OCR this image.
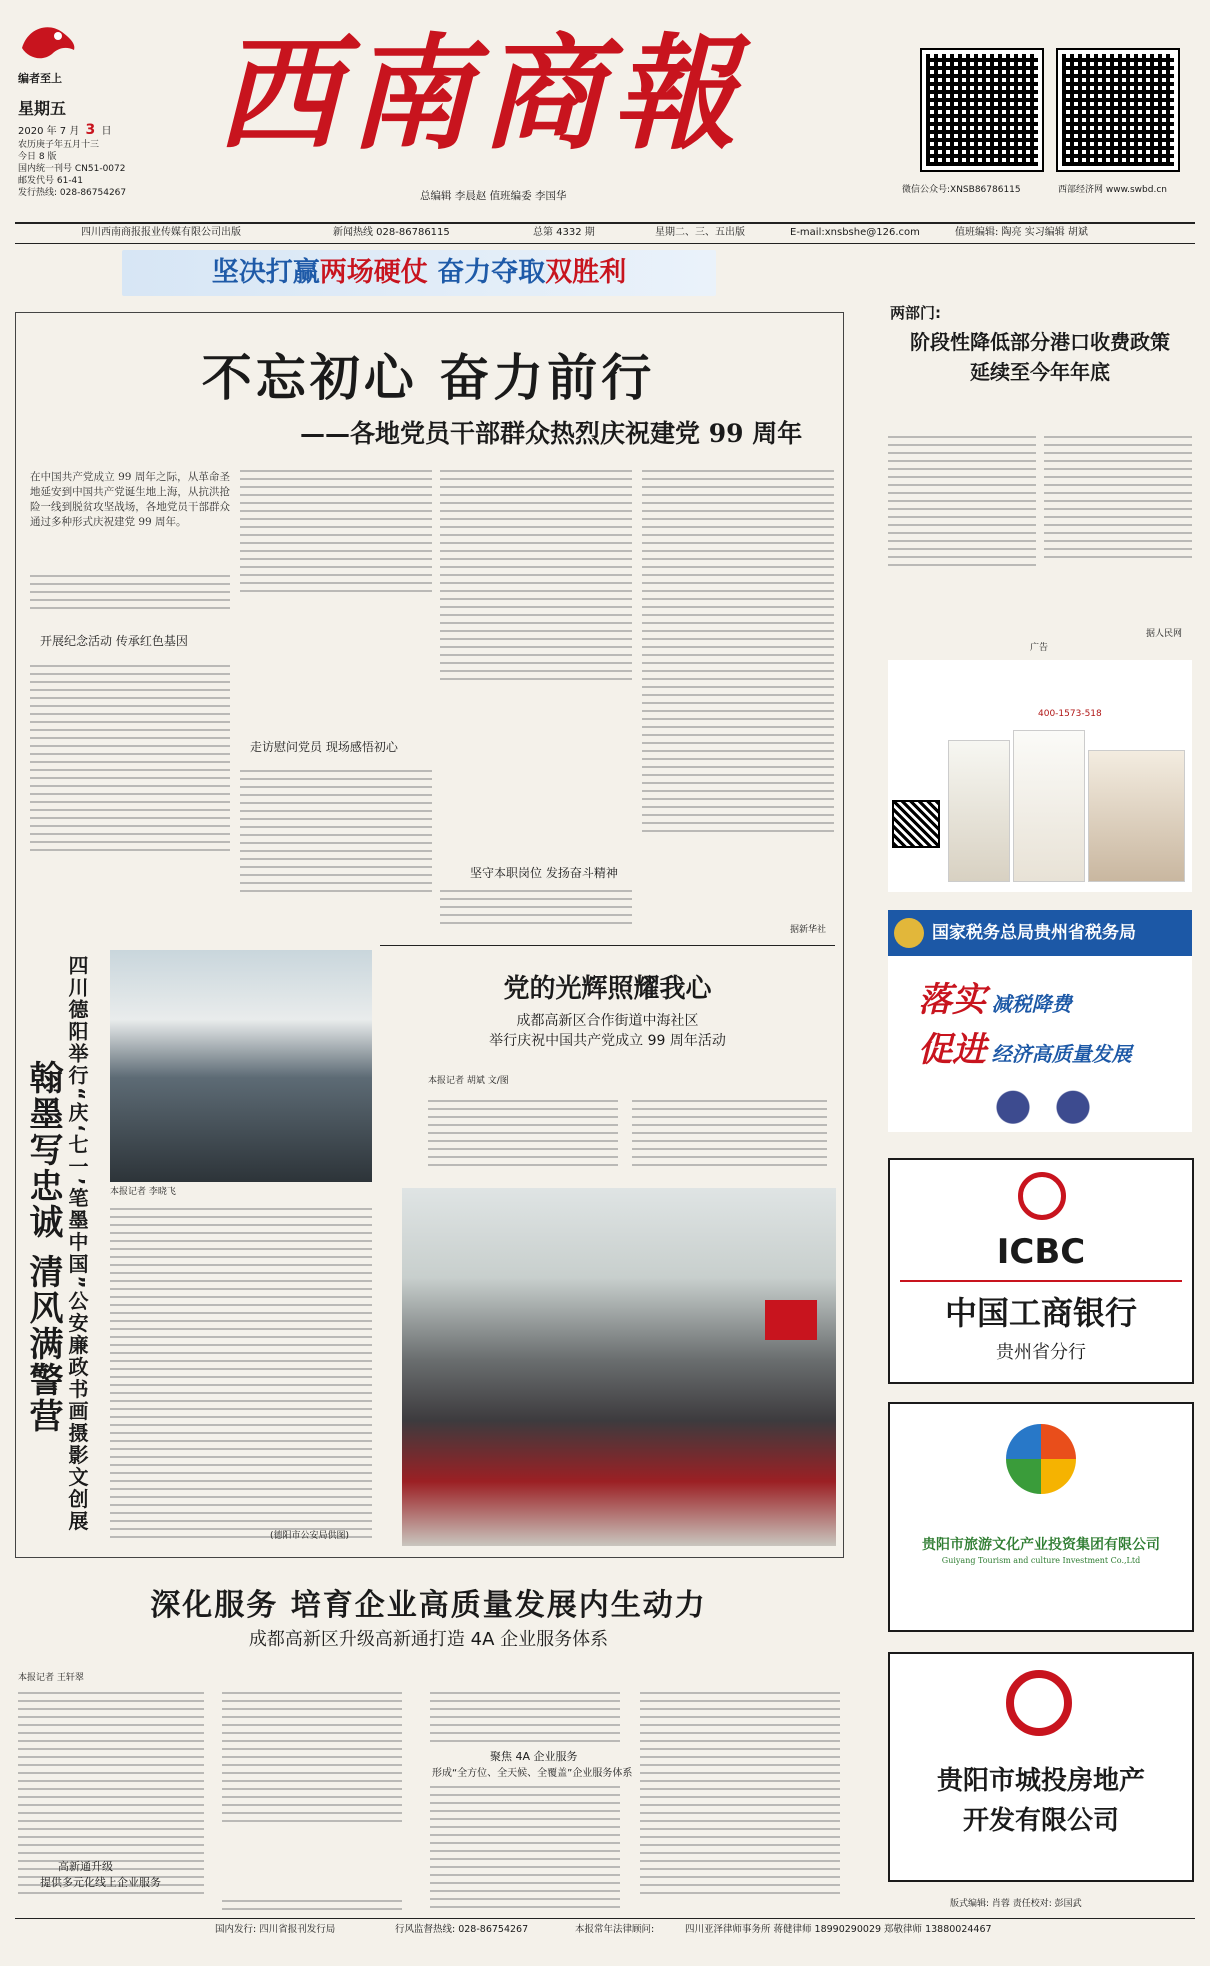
编者至上
星期五
2020 年 7 月 3 日
农历庚子年五月十三
今日 8 版
国内统一刊号 CN51-0072
邮发代号 61-41
发行热线: 028-86754267
西南商報
总编辑 李晨赵 值班编委 李国华	微信公众号:XNSB86786115	西部经济网 www.swbd.cn
四川西南商报报业传媒有限公司出版	新闻热线 028-86786115	总第 4332 期	星期二、三、五出版	E-mail:xnsbshe@126.com	值班编辑: 陶亮 实习编辑 胡斌
坚决打赢两场硬仗 奋力夺取双胜利
不忘初心 奋力前行
——各地党员干部群众热烈庆祝建党 99 周年
在中国共产党成立 99 周年之际，从革命圣地延安到中国共产党诞生地上海，从抗洪抢险一线到脱贫攻坚战场，各地党员干部群众通过多种形式庆祝建党 99 周年。
开展纪念活动 传承红色基因
走访慰问党员 现场感悟初心
坚守本职岗位 发扬奋斗精神
据新华社
四川德阳举行“庆‘七一’笔墨中国”公安廉政书画摄影文创展
翰墨写忠诚 清风满警营	本报记者 李晓飞
(德阳市公安局供图)
党的光辉照耀我心
成都高新区合作街道中海社区
举行庆祝中国共产党成立 99 周年活动
本报记者 胡斌 文/图
深化服务 培育企业高质量发展内生动力
成都高新区升级高新通打造 4A 企业服务体系
本报记者 王轩翠
高新通升级
提供多元化线上企业服务
聚焦 4A 企业服务
形成“全方位、全天候、全覆盖”企业服务体系
两部门:
阶段性降低部分港口收费政策
延续至今年年底
据人民网
广告
400-1573-518
国家税务总局贵州省税务局
落实 减税降费
促进 经济高质量发展
ICBC
中国工商银行
贵州省分行
贵阳市旅游文化产业投资集团有限公司
Guiyang Tourism and culture Investment Co.,Ltd
贵阳市城投房地产
开发有限公司
版式编辑: 肖蓉 责任校对: 彭国武
国内发行: 四川省报刊发行局	行风监督热线: 028-86754267	本报常年法律顾问:	四川亚泽律师事务所 蒋健律师 18990290029 郑敬律师 13880024467
